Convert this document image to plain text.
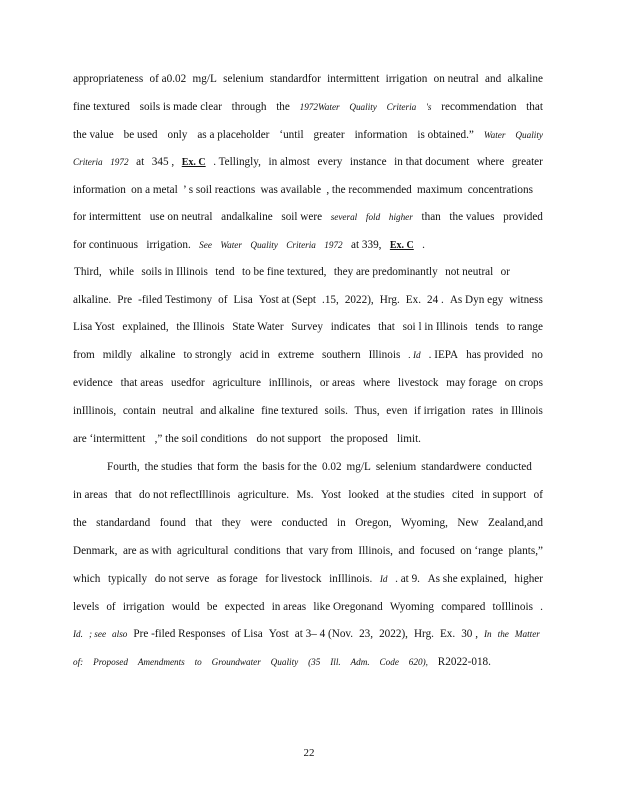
appropriateness of a0.02 mg/L selenium standardfor intermittent irrigation on neutral and alkaline
fine textured soils is made clear through the 1972Water Quality Criteria 's recommendation that
the value be used only as a placeholder ‘until greater information is obtained.” Water Quality
Criteria 1972 at 345 , Ex. C . Tellingly, in almost every instance in that document where greater
information on a metal ’ s soil reactions was available , the recommended maximum concentrations
for intermittent use on neutral andalkaline soil were several fold higher than the values provided
for continuous irrigation. See Water Quality Criteria 1972 at 339, Ex. C .
Third, while soils in Illinois tend to be fine textured, they are predominantly not neutral or
alkaline. Pre -filed Testimony of Lisa Yost at (Sept .15, 2022), Hrg. Ex. 24 . As Dyn egy witness
Lisa Yost explained, the Illinois State Water Survey indicates that soi l in Illinois tends to range
from mildly alkaline to strongly acid in extreme southern Illinois . Id . IEPA has provided no
evidence that areas usedfor agriculture inIllinois, or areas where livestock may forage on crops
inIllinois, contain neutral and alkaline fine textured soils. Thus, even if irrigation rates in Illinois
are ‘intermittent ,” the soil conditions do not support the proposed limit.
Fourth, the studies that form the basis for the 0.02 mg/L selenium standardwere conducted
in areas that do not reflectIllinois agriculture. Ms. Yost looked at the studies cited in support of
the standardand found that they were conducted in Oregon, Wyoming, New Zealand,and
Denmark, are as with agricultural conditions that vary from Illinois, and focused on ‘range plants,”
which typically do not serve as forage for livestock inIllinois. Id . at 9. As she explained, higher
levels of irrigation would be expected in areas like Oregonand Wyoming compared toIllinois .
Id. ; see also Pre -filed Responses of Lisa Yost at 3– 4 (Nov. 23, 2022), Hrg. Ex. 30 , In the Matter
of: Proposed Amendments to Groundwater Quality (35 Ill. Adm. Code 620), R2022-018.
22
